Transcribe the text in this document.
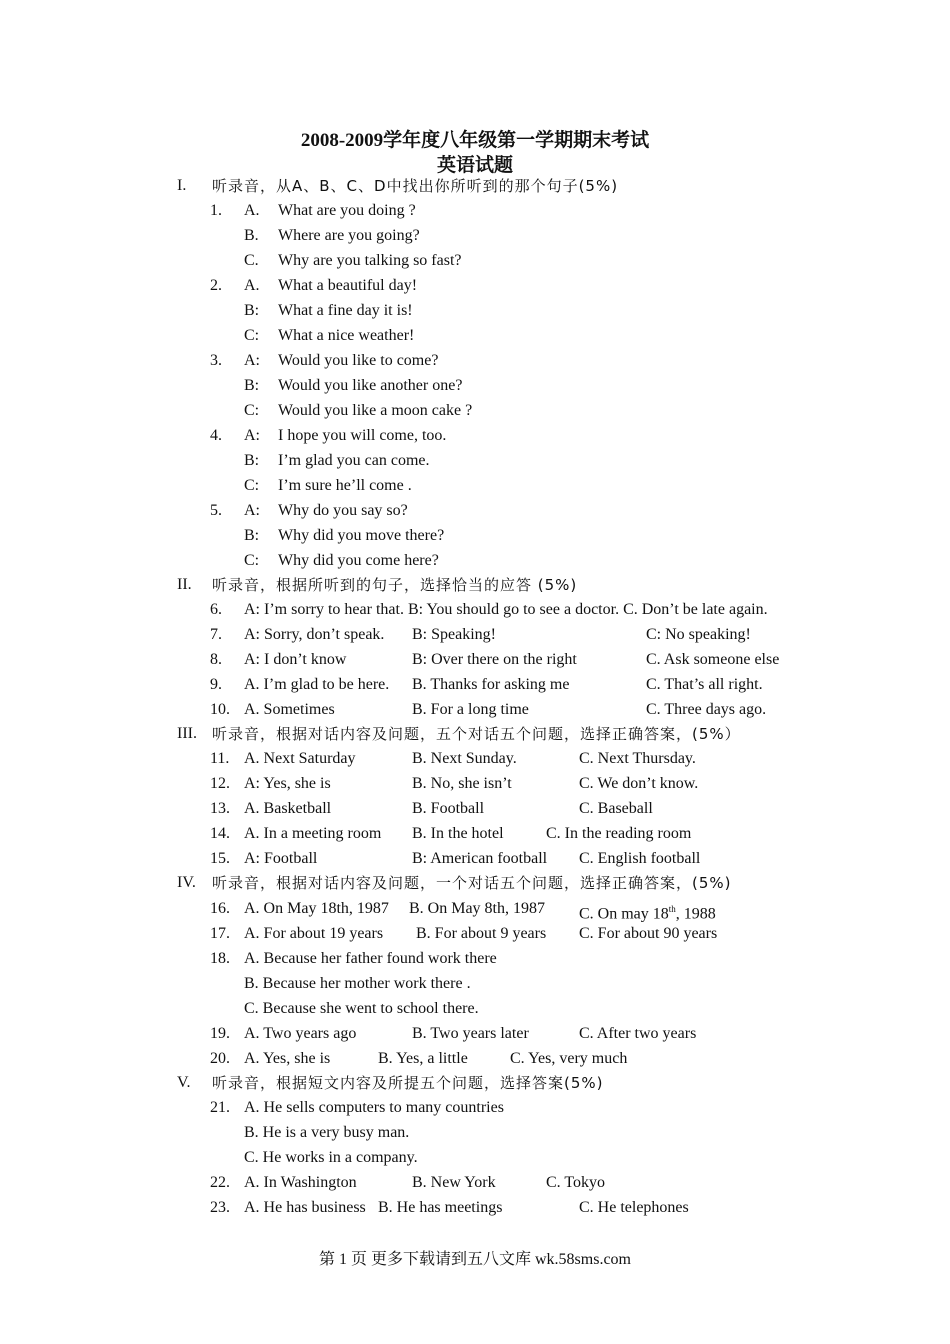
2008-2009学年度八年级第一学期期末考试
英语试题
I. 听录音，从A、B、C、D中找出你所听到的那个句子(5%)
1. A. What are you doing ?
B. Where are you going?
C. Why are you talking so fast?
2. A. What a beautiful day!
B: What a fine day it is!
C: What a nice weather!
3. A: Would you like to come?
B: Would you like another one?
C: Would you like a moon cake ?
4. A: I hope you will come, too.
B: I’m glad you can come.
C: I’m sure he’ll come .
5. A: Why do you say so?
B: Why did you move there?
C: Why did you come here?
II. 听录音，根据所听到的句子，选择恰当的应答 (5%)
6. A: I’m sorry to hear that. B: You should go to see a doctor. C. Don’t be late again.
7. A: Sorry, don’t speak. B: Speaking!	C: No speaking!
8. A: I don’t know	B: Over there on the right	C. Ask someone else
9. A. I’m glad to be here. B. Thanks for asking me	C. That’s all right.
10. A. Sometimes	B. For a long time	C. Three days ago.
III. 听录音，根据对话内容及问题，五个对话五个问题，选择正确答案，(5%）
11. A. Next Saturday	B. Next Sunday.	C. Next Thursday.
12. A: Yes, she is	B. No, she isn’t	C. We don’t know.
13. A. Basketball	B. Football	C. Baseball
14. A. In a meeting room B. In the hotel	C. In the reading room
15. A: Football	B: American football C. English football
IV. 听录音，根据对话内容及问题，一个对话五个问题，选择正确答案，(5%)
16. A. On May 18th, 1987 B. On May 8th, 1987 C. On may 18th, 1988
17. A. For about 19 years B. For about 9 years C. For about 90 years
18. A. Because her father found work there
B. Because her mother work there .
C. Because she went to school there.
19. A. Two years ago	B. Two years later	C. After two years
20. A. Yes, she is	B. Yes, a little	C. Yes, very much
V. 听录音，根据短文内容及所提五个问题，选择答案(5%)
21. A. He sells computers to many countries
B. He is a very busy man.
C. He works in a company.
22. A. In Washington	B. New York	C. Tokyo
23. A. He has business B. He has meetings	C. He telephones
第 1 页 更多下载请到五八文库 wk.58sms.com
